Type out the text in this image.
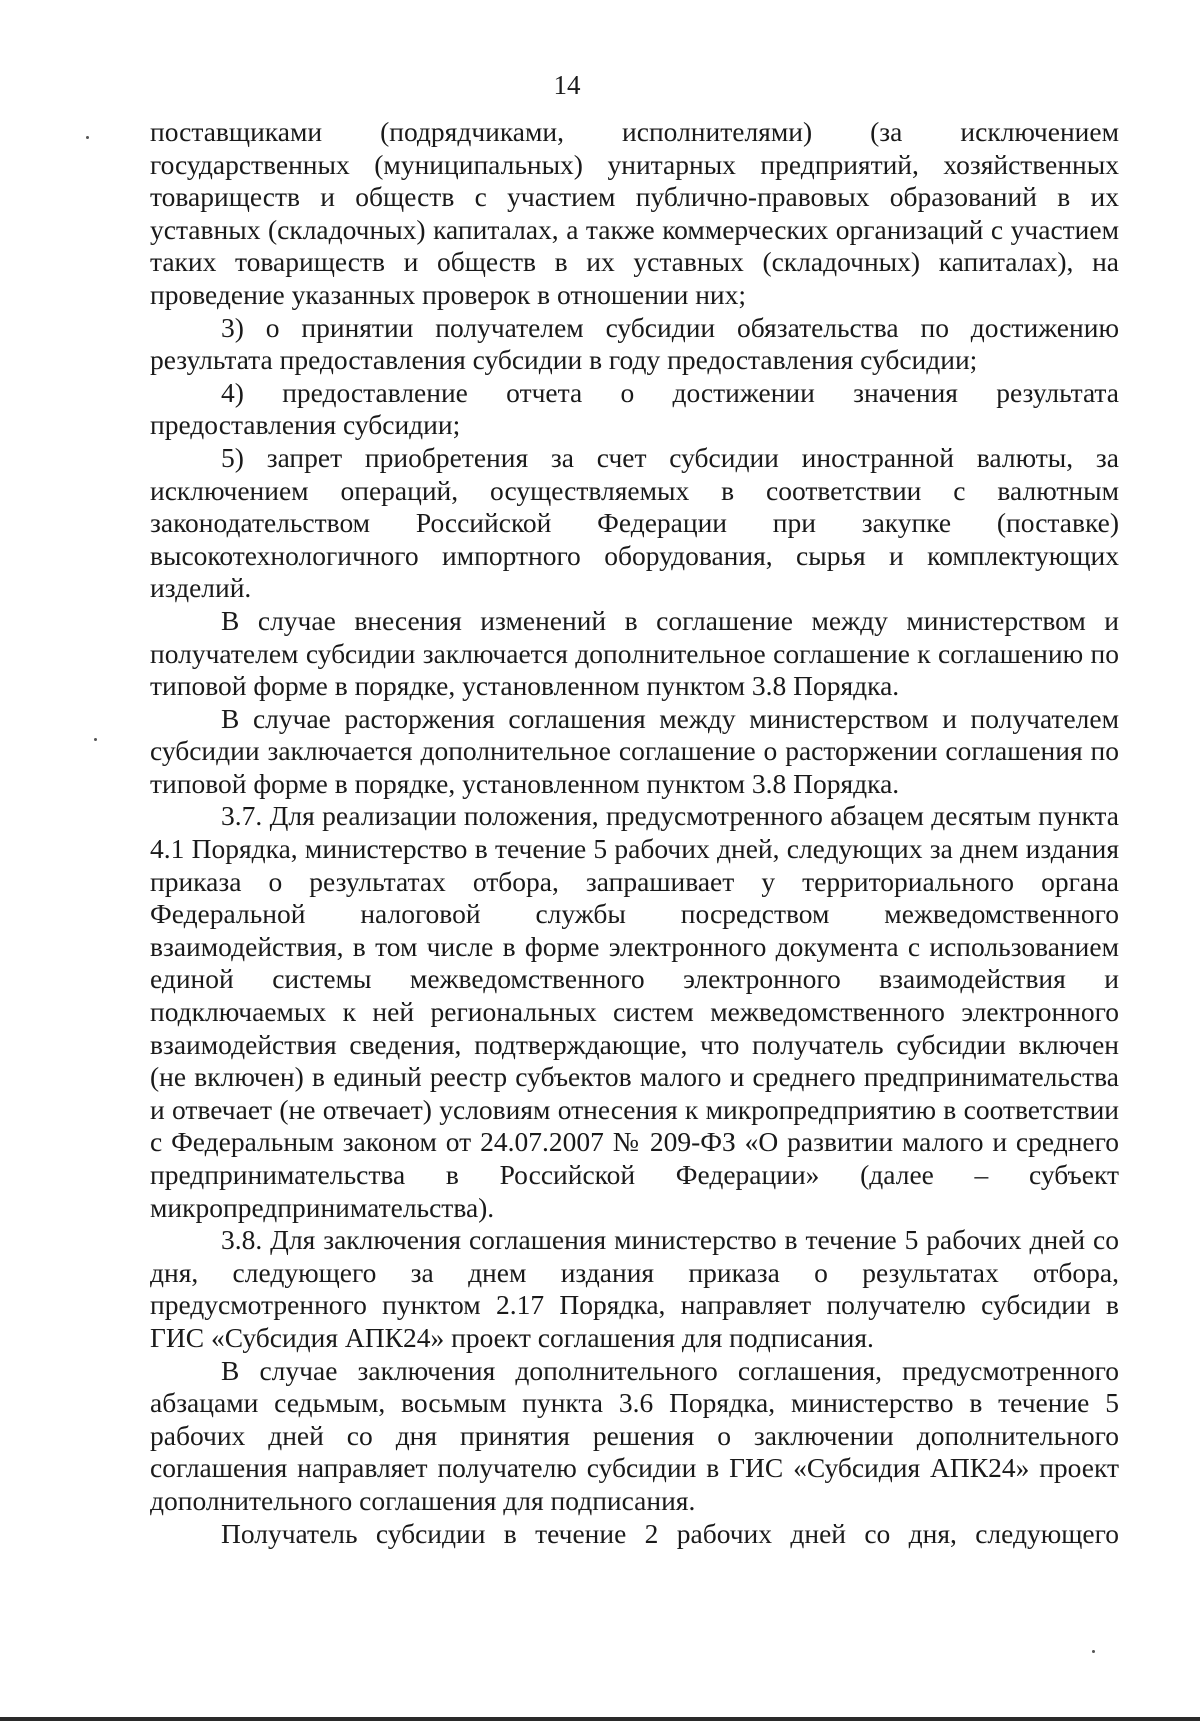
14

поставщиками (подрядчиками, исполнителями) (за исключением государственных (муниципальных) унитарных предприятий, хозяйственных товариществ и обществ с участием публично-правовых образований в их уставных (складочных) капиталах, а также коммерческих организаций с участием таких товариществ и обществ в их уставных (складочных) капиталах), на проведение указанных проверок в отношении них;

3) о принятии получателем субсидии обязательства по достижению результата предоставления субсидии в году предоставления субсидии;

4) предоставление отчета о достижении значения результата предоставления субсидии;

5) запрет приобретения за счет субсидии иностранной валюты, за исключением операций, осуществляемых в соответствии с валютным законодательством Российской Федерации при закупке (поставке) высокотехнологичного импортного оборудования, сырья и комплектующих изделий.

В случае внесения изменений в соглашение между министерством и получателем субсидии заключается дополнительное соглашение к соглашению по типовой форме в порядке, установленном пунктом 3.8 Порядка.

В случае расторжения соглашения между министерством и получателем субсидии заключается дополнительное соглашение о расторжении соглашения по типовой форме в порядке, установленном пунктом 3.8 Порядка.

3.7. Для реализации положения, предусмотренного абзацем десятым пункта 4.1 Порядка, министерство в течение 5 рабочих дней, следующих за днем издания приказа о результатах отбора, запрашивает у территориального органа Федеральной налоговой службы посредством межведомственного взаимодействия, в том числе в форме электронного документа с использованием единой системы межведомственного электронного взаимодействия и подключаемых к ней региональных систем межведомственного электронного взаимодействия сведения, подтверждающие, что получатель субсидии включен (не включен) в единый реестр субъектов малого и среднего предпринимательства и отвечает (не отвечает) условиям отнесения к микропредприятию в соответствии с Федеральным законом от 24.07.2007 № 209-ФЗ «О развитии малого и среднего предпринимательства в Российской Федерации» (далее – субъект микропредпринимательства).

3.8. Для заключения соглашения министерство в течение 5 рабочих дней со дня, следующего за днем издания приказа о результатах отбора, предусмотренного пунктом 2.17 Порядка, направляет получателю субсидии в ГИС «Субсидия АПК24» проект соглашения для подписания.

В случае заключения дополнительного соглашения, предусмотренного абзацами седьмым, восьмым пункта 3.6 Порядка, министерство в течение 5 рабочих дней со дня принятия решения о заключении дополнительного соглашения направляет получателю субсидии в ГИС «Субсидия АПК24» проект дополнительного соглашения для подписания.

Получатель субсидии в течение 2 рабочих дней со дня, следующего
